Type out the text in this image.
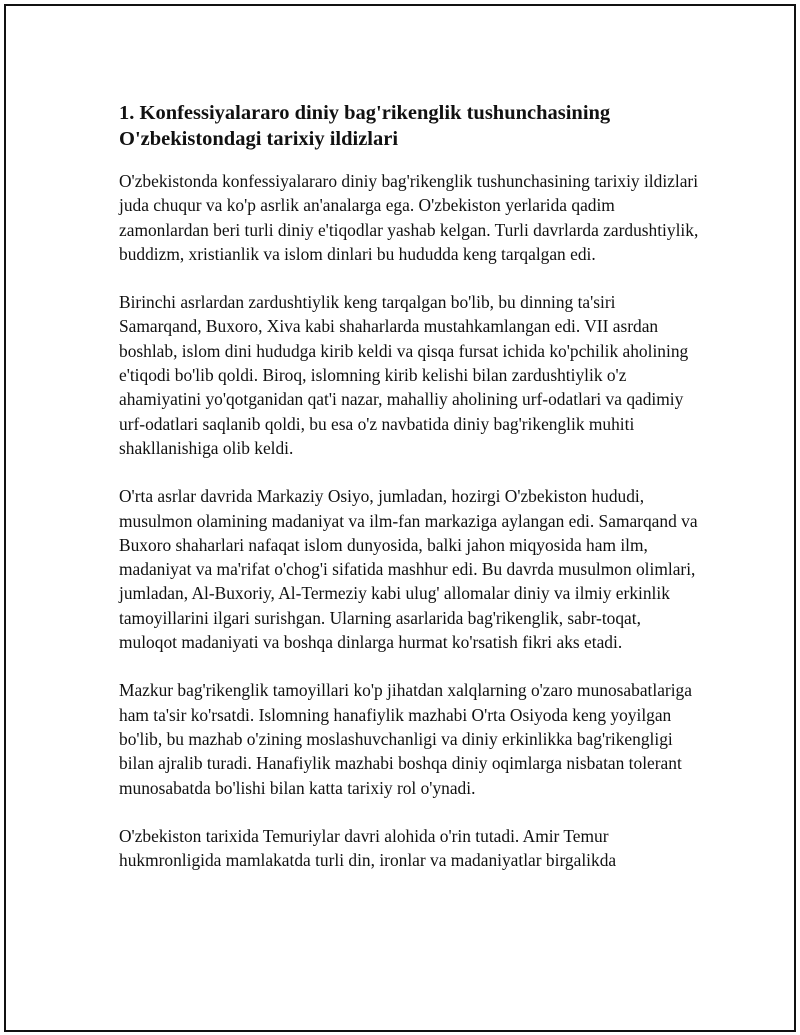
1. Konfessiyalararo diniy bag'rikenglik tushunchasining O'zbekistondagi tarixiy ildizlari

O'zbekistonda konfessiyalararo diniy bag'rikenglik tushunchasining tarixiy ildizlari juda chuqur va ko'p asrlik an'analarga ega. O'zbekiston yerlarida qadim zamonlardan beri turli diniy e'tiqodlar yashab kelgan. Turli davrlarda zardushtiylik, buddizm, xristianlik va islom dinlari bu hududda keng tarqalgan edi.

Birinchi asrlardan zardushtiylik keng tarqalgan bo'lib, bu dinning ta'siri Samarqand, Buxoro, Xiva kabi shaharlarda mustahkamlangan edi. VII asrdan boshlab, islom dini hududga kirib keldi va qisqa fursat ichida ko'pchilik aholining e'tiqodi bo'lib qoldi. Biroq, islomning kirib kelishi bilan zardushtiylik o'z ahamiyatini yo'qotganidan qat'i nazar, mahalliy aholining urf-odatlari va qadimiy urf-odatlari saqlanib qoldi, bu esa o'z navbatida diniy bag'rikenglik muhiti shakllanishiga olib keldi.

O'rta asrlar davrida Markaziy Osiyo, jumladan, hozirgi O'zbekiston hududi, musulmon olamining madaniyat va ilm-fan markaziga aylangan edi. Samarqand va Buxoro shaharlari nafaqat islom dunyosida, balki jahon miqyosida ham ilm, madaniyat va ma'rifat o'chog'i sifatida mashhur edi. Bu davrda musulmon olimlari, jumladan, Al-Buxoriy, Al-Termeziy kabi ulug' allomalar diniy va ilmiy erkinlik tamoyillarini ilgari surishgan. Ularning asarlarida bag'rikenglik, sabr-toqat, muloqot madaniyati va boshqa dinlarga hurmat ko'rsatish fikri aks etadi.

Mazkur bag'rikenglik tamoyillari ko'p jihatdan xalqlarning o'zaro munosabatlariga ham ta'sir ko'rsatdi. Islomning hanafiylik mazhabi O'rta Osiyoda keng yoyilgan bo'lib, bu mazhab o'zining moslashuvchanligi va diniy erkinlikka bag'rikengligi bilan ajralib turadi. Hanafiylik mazhabi boshqa diniy oqimlarga nisbatan tolerant munosabatda bo'lishi bilan katta tarixiy rol o'ynadi.

O'zbekiston tarixida Temuriylar davri alohida o'rin tutadi. Amir Temur hukmronligida mamlakatda turli din, ironlar va madaniyatlar birgalikda
